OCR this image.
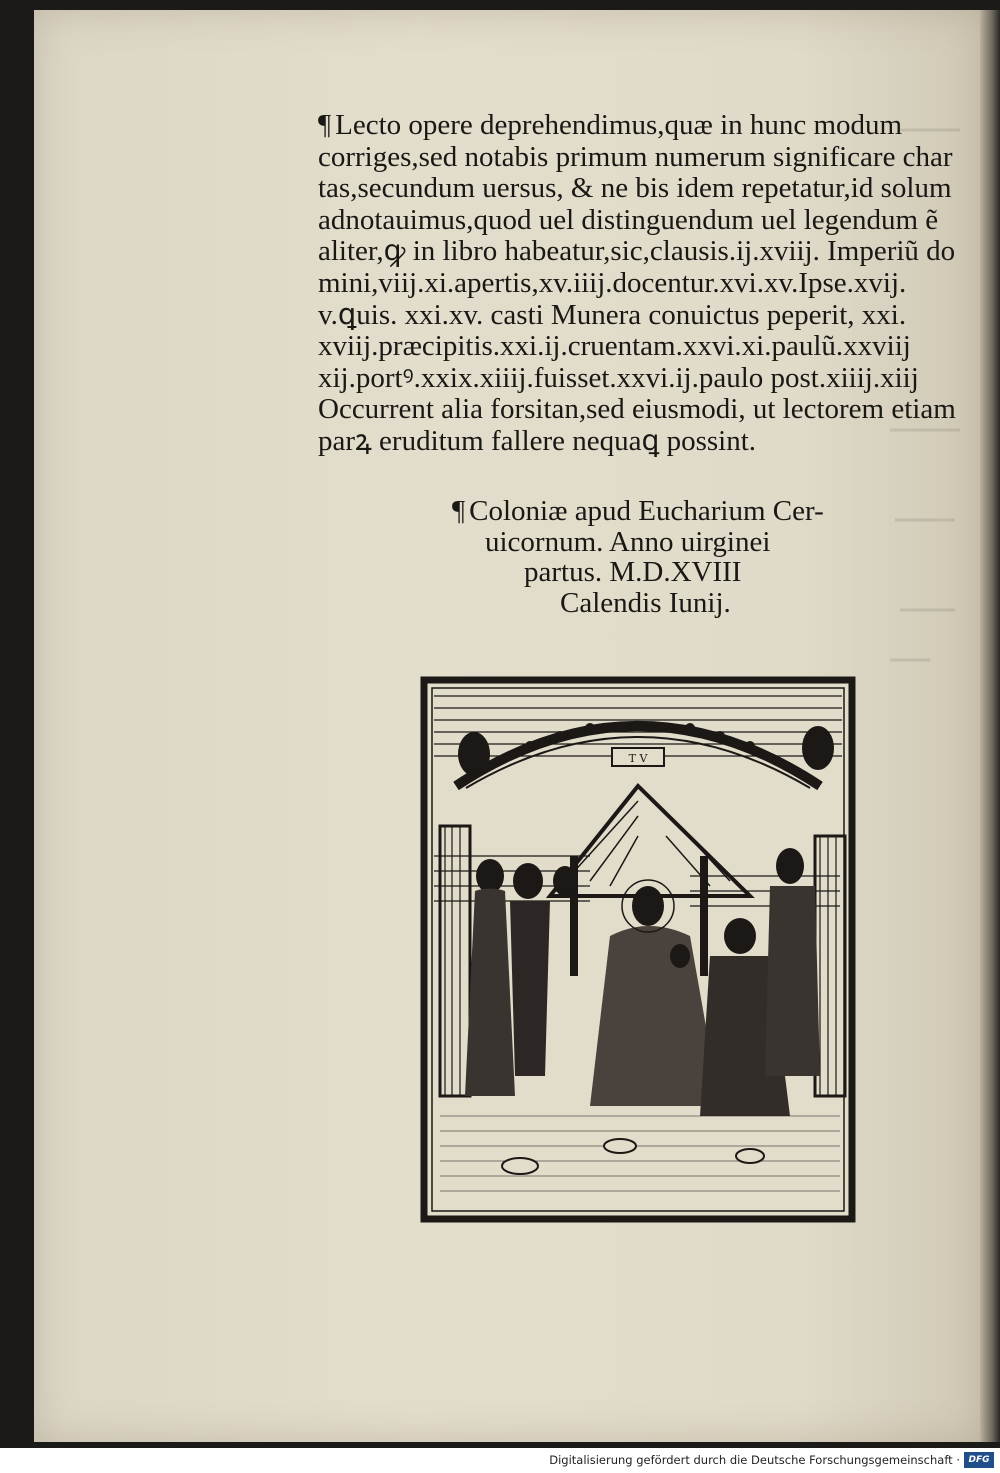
¶ Lecto opere deprehendimus,quæ in hunc modum
corriges,sed notabis primum numerum significare char
tas,secundum uersus, & ne bis idem repetatur,id solum
adnotauimus,quod uel distinguendum uel legendum ẽ
aliter,ꝙ in libro habeatur,sic,clausis.ij.xviij. Imperiũ do
mini,viij.xi.apertis,xv.iiij.docentur.xvi.xv.Ipse.xvij.
v.ꝗuis. xxi.xv. casti Munera conuictus peperit, xxi.
xviij.præcipitis.xxi.ij.cruentam.xxvi.xi.paulũ.xxviij
xij.portꝰ.xxix.xiiij.fuisset.xxvi.ij.paulo post.xiiij.xiij
Occurrent alia forsitan,sed eiusmodi, ut lectorem etiam
parꝝ eruditum fallere nequaꝗ possint.
¶ Coloniæ apud Eucharium Cer-
uicornum. Anno uirginei
partus. M.D.XVIII
Calendis Iunij.
T V
Digitalisierung gefördert durch die Deutsche Forschungsgemeinschaft · DFG
